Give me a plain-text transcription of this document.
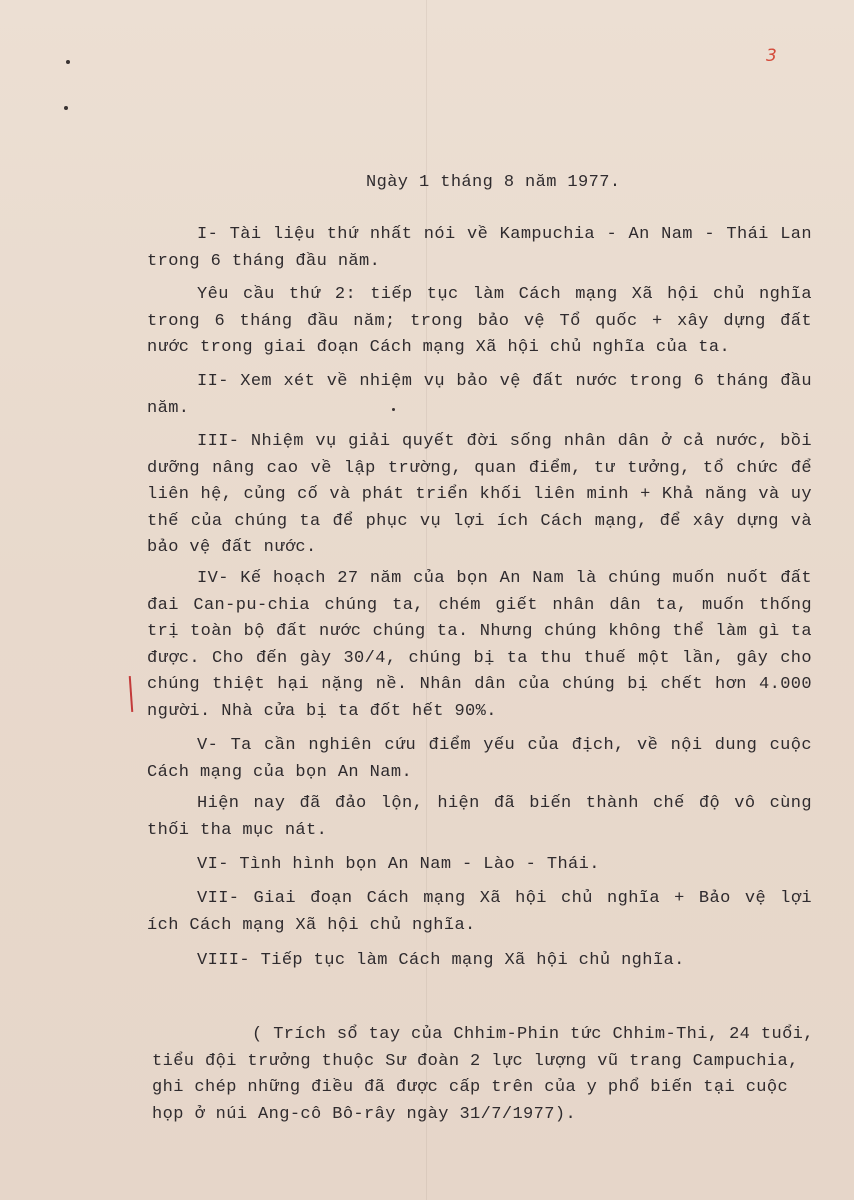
3
Ngày 1 tháng 8 năm 1977.
I- Tài liệu thứ nhất nói về Kampuchia - An Nam - Thái Lan
trong 6 tháng đầu năm.
Yêu cầu thứ 2: tiếp tục làm Cách mạng Xã hội chủ nghĩa
trong 6 tháng đầu năm; trong bảo vệ Tổ quốc + xây dựng đất
nước trong giai đoạn Cách mạng Xã hội chủ nghĩa của ta.
II- Xem xét về nhiệm vụ bảo vệ đất nước trong 6 tháng đầu
năm.
III- Nhiệm vụ giải quyết đời sống nhân dân ở cả nước, bồi
dưỡng nâng cao về lập trường, quan điểm, tư tưởng, tổ chức để
liên hệ, củng cố và phát triển khối liên minh + Khả năng và uy
thế của chúng ta để phục vụ lợi ích Cách mạng, để xây dựng và
bảo vệ đất nước.
IV- Kế hoạch 27 năm của bọn An Nam là chúng muốn nuốt đất
đai Can-pu-chia chúng ta, chém giết nhân dân ta, muốn thống
trị toàn bộ đất nước chúng ta. Nhưng chúng không thể làm gì ta
được. Cho đến gày 30/4, chúng bị ta thu thuế một lần, gây cho
chúng thiệt hại nặng nề. Nhân dân của chúng bị chết hơn 4.000
người. Nhà cửa bị ta đốt hết 90%.
V- Ta cần nghiên cứu điểm yếu của địch, về nội dung cuộc
Cách mạng của bọn An Nam.
Hiện nay đã đảo lộn, hiện đã biến thành chế độ vô cùng
thối tha mục nát.
VI- Tình hình bọn An Nam - Lào - Thái.
VII- Giai đoạn Cách mạng Xã hội chủ nghĩa + Bảo vệ lợi
ích Cách mạng Xã hội chủ nghĩa.
VIII- Tiếp tục làm Cách mạng Xã hội chủ nghĩa.
( Trích sổ tay của Chhim-Phin tức Chhim-Thi, 24 tuổi,
tiểu đội trưởng thuộc Sư đoàn 2 lực lượng vũ trang Campuchia,
ghi chép những điều đã được cấp trên của y phổ biến tại cuộc
họp ở núi Ang-cô Bô-rây ngày 31/7/1977).
